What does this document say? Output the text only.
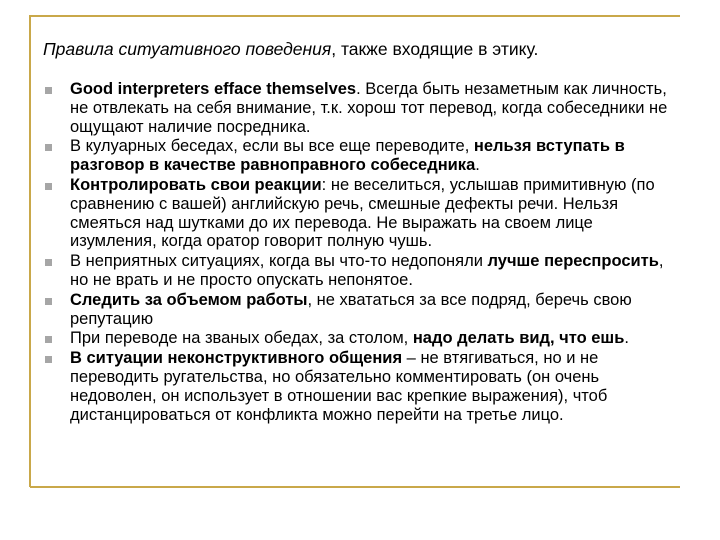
Правила ситуативного поведения, также входящие в этику.
Good interpreters efface themselves. Всегда быть незаметным как личность, не отвлекать на себя внимание, т.к. хорош тот перевод, когда собеседники не ощущают наличие посредника.
В кулуарных беседах, если вы все еще переводите, нельзя вступать в разговор в качестве равноправного собеседника.
Контролировать свои реакции: не веселиться, услышав примитивную (по сравнению с вашей) английскую речь, смешные дефекты речи. Нельзя смеяться над шутками до их перевода. Не выражать на своем лице изумления, когда оратор говорит полную чушь.
В неприятных ситуациях, когда вы что-то недопоняли лучше переспросить, но не врать и не просто опускать непонятое.
Следить за объемом работы, не хвататься за все подряд, беречь свою репутацию
При переводе на званых обедах, за столом, надо делать вид, что ешь.
В ситуации неконструктивного общения – не втягиваться, но и не переводить ругательства, но обязательно комментировать (он очень недоволен, он использует в отношении вас крепкие выражения), чтоб дистанцироваться от конфликта можно перейти на третье лицо.
